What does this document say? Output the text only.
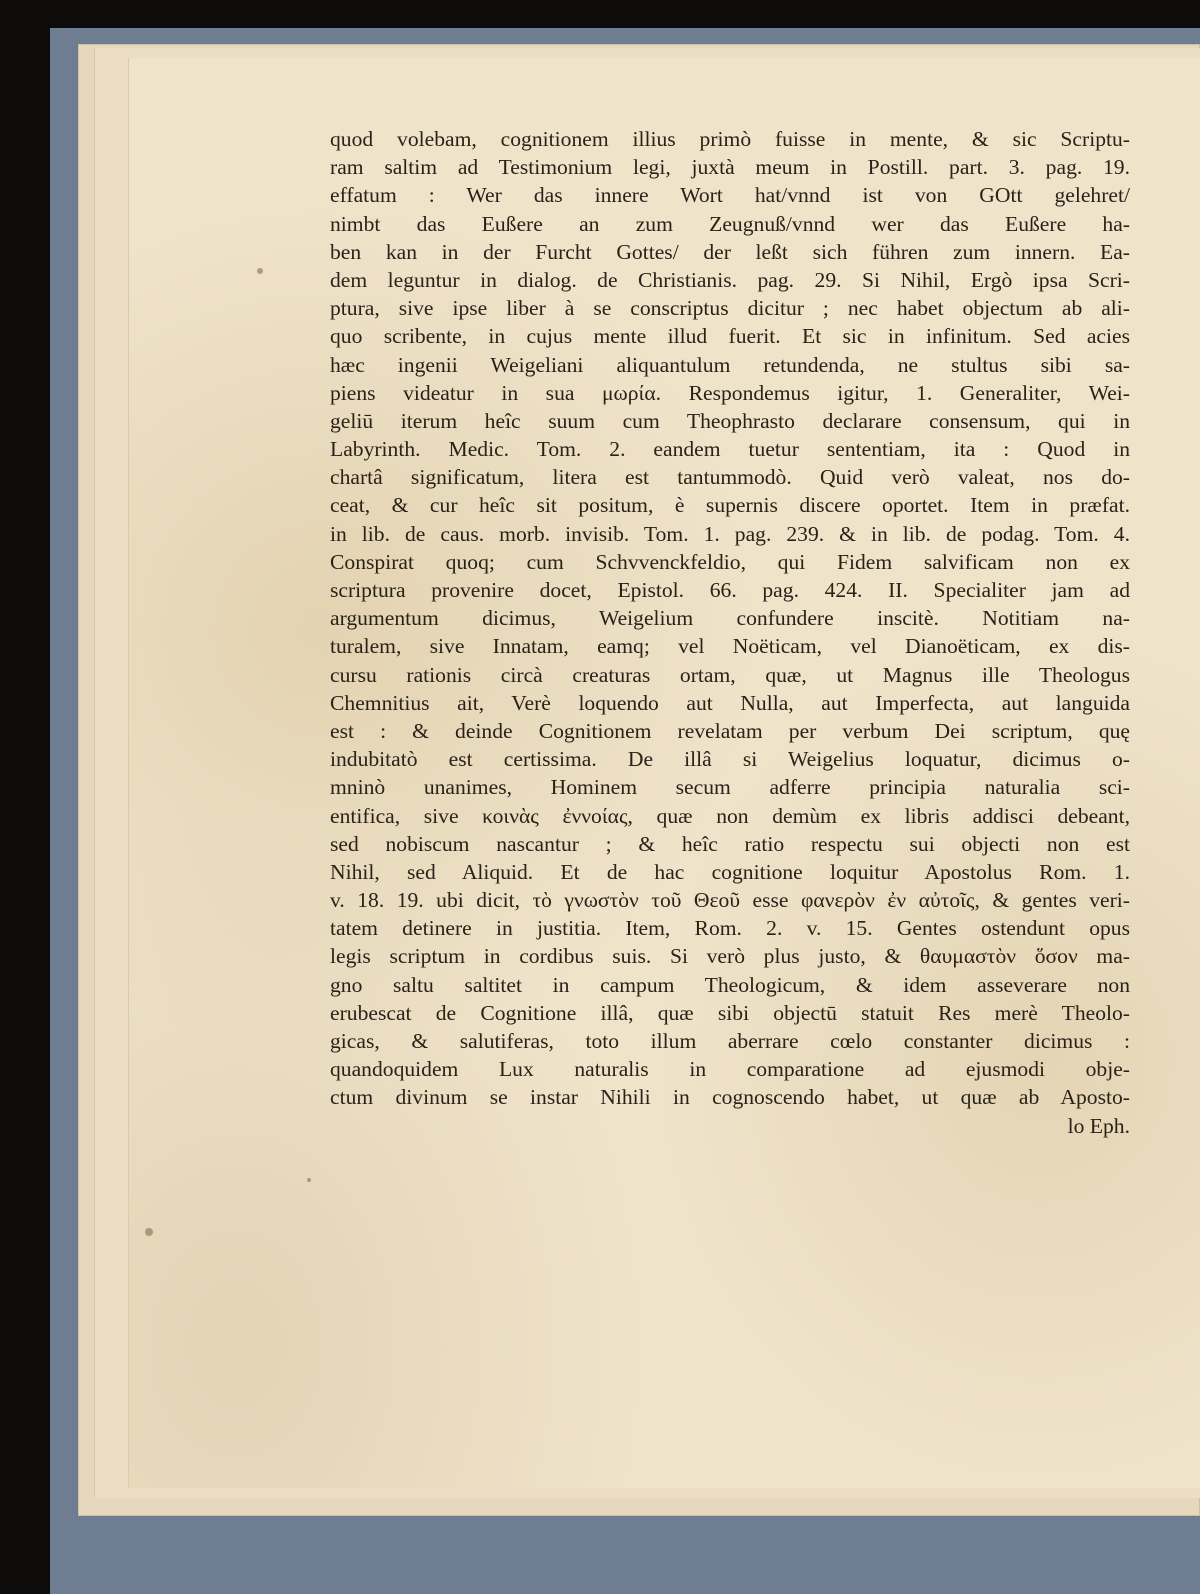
quod volebam, cognitionem illius primò fuisse in mente, & sic Scriptu-
ram saltim ad Testimonium legi, juxtà meum in Postill. part. 3. pag. 19.
effatum : Wer das innere Wort hat/vnnd ist von GOtt gelehret/
nimbt das Eußere an zum Zeugnuß/vnnd wer das Eußere ha-
ben kan in der Furcht Gottes/ der leßt sich führen zum innern. Ea-
dem leguntur in dialog. de Christianis. pag. 29. Si Nihil, Ergò ipsa Scri-
ptura, sive ipse liber à se conscriptus dicitur ; nec habet objectum ab ali-
quo scribente, in cujus mente illud fuerit. Et sic in infinitum. Sed acies
hæc ingenii Weigeliani aliquantulum retundenda, ne stultus sibi sa-
piens videatur in sua μωρία. Respondemus igitur, 1. Generaliter, Wei-
geliū iterum heîc suum cum Theophrasto declarare consensum, qui in
Labyrinth. Medic. Tom. 2. eandem tuetur sententiam, ita : Quod in
chartâ significatum, litera est tantummodò. Quid verò valeat, nos do-
ceat, & cur heîc sit positum, è supernis discere oportet. Item in præfat.
in lib. de caus. morb. invisib. Tom. 1. pag. 239. & in lib. de podag. Tom. 4.
Conspirat quoq; cum Schvvenckfeldio, qui Fidem salvificam non ex
scriptura provenire docet, Epistol. 66. pag. 424. II. Specialiter jam ad
argumentum dicimus, Weigelium confundere inscitè. Notitiam na-
turalem, sive Innatam, eamq; vel Noëticam, vel Dianoëticam, ex dis-
cursu rationis circà creaturas ortam, quæ, ut Magnus ille Theologus
Chemnitius ait, Verè loquendo aut Nulla, aut Imperfecta, aut languida
est : & deinde Cognitionem revelatam per verbum Dei scriptum, quę
indubitatò est certissima. De illâ si Weigelius loquatur, dicimus o-
mninò unanimes, Hominem secum adferre principia naturalia sci-
entifica, sive κοινὰς ἐννοίας, quæ non demùm ex libris addisci debeant,
sed nobiscum nascantur ; & heîc ratio respectu sui objecti non est
Nihil, sed Aliquid. Et de hac cognitione loquitur Apostolus Rom. 1.
v. 18. 19. ubi dicit, τὸ γνωστὸν τοῦ Θεοῦ esse φανερὸν ἐν αὐτοῖς, & gentes veri-
tatem detinere in justitia. Item, Rom. 2. v. 15. Gentes ostendunt opus
legis scriptum in cordibus suis. Si verò plus justo, & θαυμαστὸν ὅσον ma-
gno saltu saltitet in campum Theologicum, & idem asseverare non
erubescat de Cognitione illâ, quæ sibi objectū statuit Res merè Theolo-
gicas, & salutiferas, toto illum aberrare cœlo constanter dicimus :
quandoquidem Lux naturalis in comparatione ad ejusmodi obje-
ctum divinum se instar Nihili in cognoscendo habet, ut quæ ab Aposto-
lo Eph.
